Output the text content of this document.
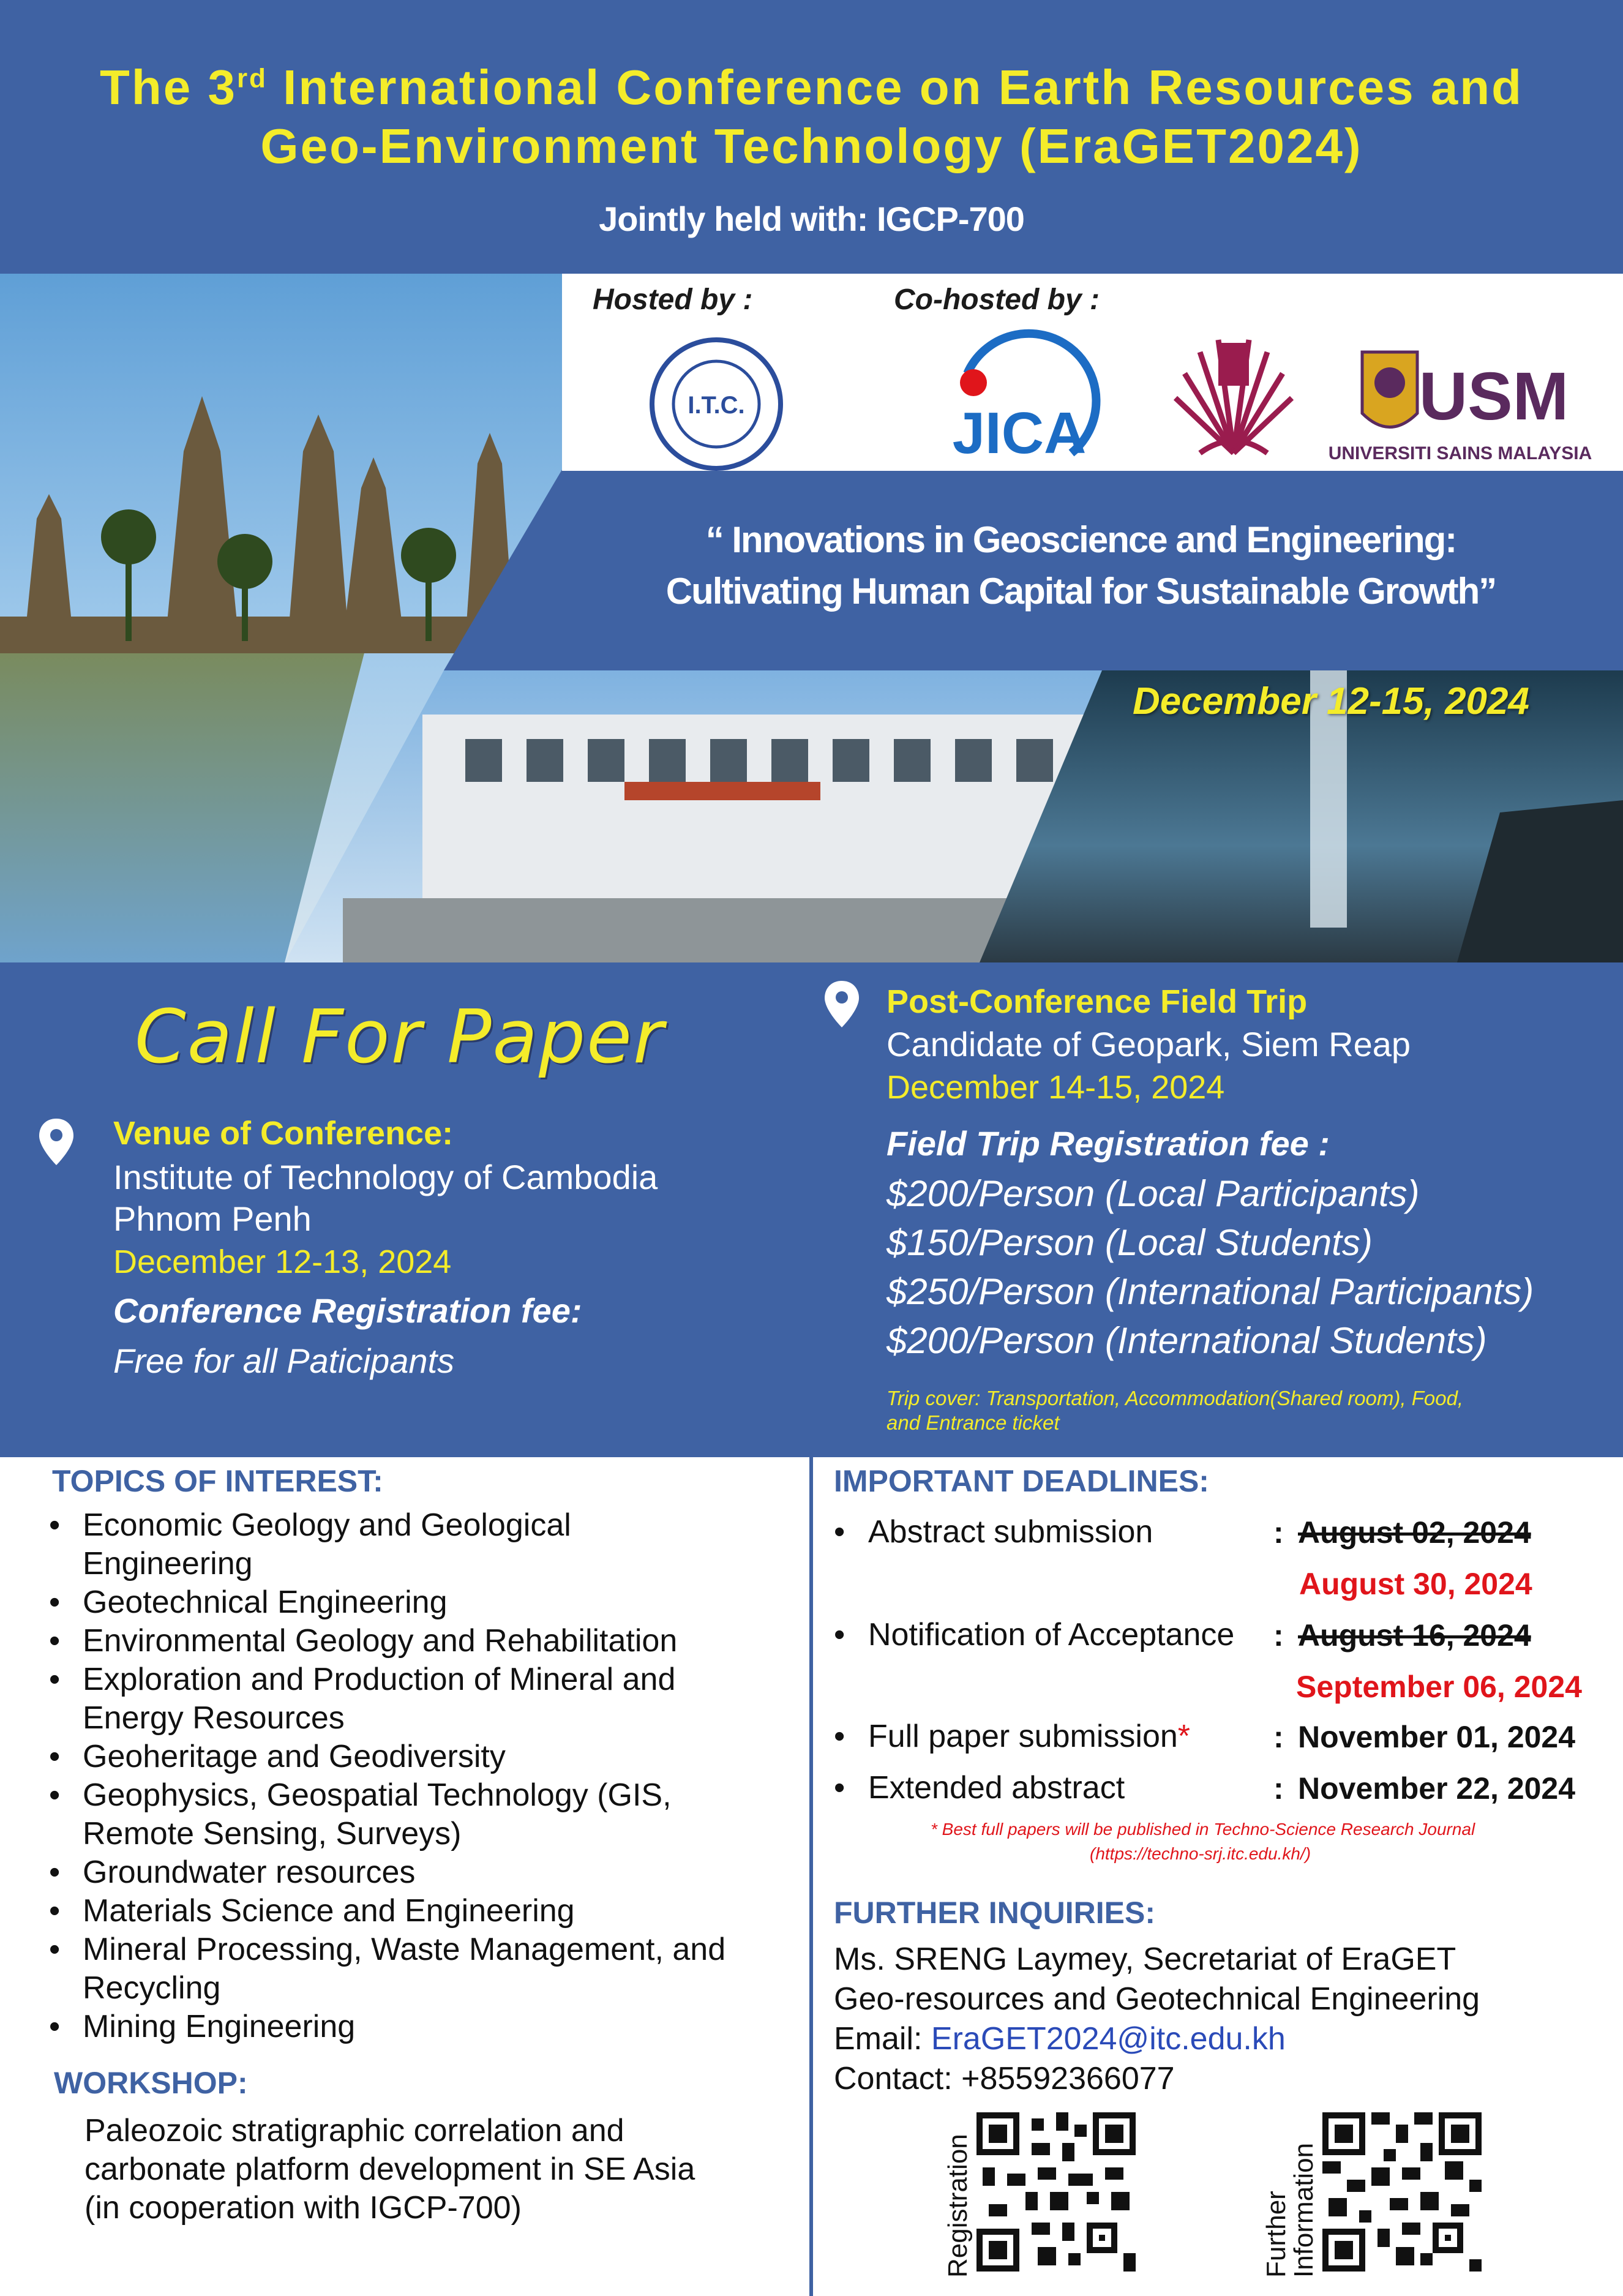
The 3rd International Conference on Earth Resources and
Geo-Environment Technology (EraGET2024)
Jointly held with: IGCP-700
Hosted by :	Co-hosted by :
I.T.C.	JICA	USM
UNIVERSITI SAINS MALAYSIA
“ Innovations in Geoscience and Engineering:
Cultivating Human Capital for Sustainable Growth”
December 12-15, 2024
Call For Paper
Venue of Conference:
Institute of Technology of Cambodia
Phnom Penh
December 12-13, 2024
Conference Registration fee:
Free for all Paticipants
Post-Conference Field Trip
Candidate of Geopark, Siem Reap
December 14-15, 2024
Field Trip Registration fee :
$200/Person (Local Participants)
$150/Person (Local Students)
$250/Person (International Participants)
$200/Person (International Students)
Trip cover: Transportation, Accommodation(Shared room), Food,
and Entrance ticket
TOPICS OF INTEREST:
• Economic Geology and Geological
Engineering
• Geotechnical Engineering
• Environmental Geology and Rehabilitation
• Exploration and Production of Mineral and
Energy Resources
• Geoheritage and Geodiversity
• Geophysics, Geospatial Technology (GIS,
Remote Sensing, Surveys)
• Groundwater resources
• Materials Science and Engineering
• Mineral Processing, Waste Management, and
Recycling
• Mining Engineering
WORKSHOP:
Paleozoic stratigraphic correlation and
carbonate platform development in SE Asia
(in cooperation with IGCP-700)
IMPORTANT DEADLINES:
• Abstract submission	: August 02, 2024
August 30, 2024
• Notification of Acceptance : August 16, 2024
September 06, 2024
• Full paper submission*	: November 01, 2024
• Extended abstract	: November 22, 2024
* Best full papers will be published in Techno-Science Research Journal
(https://techno-srj.itc.edu.kh/)
FURTHER INQUIRIES:
Ms. SRENG Laymey, Secretariat of EraGET
Geo-resources and Geotechnical Engineering
Email: EraGET2024@itc.edu.kh
Contact: +85592366077
Registration	Further
Information
